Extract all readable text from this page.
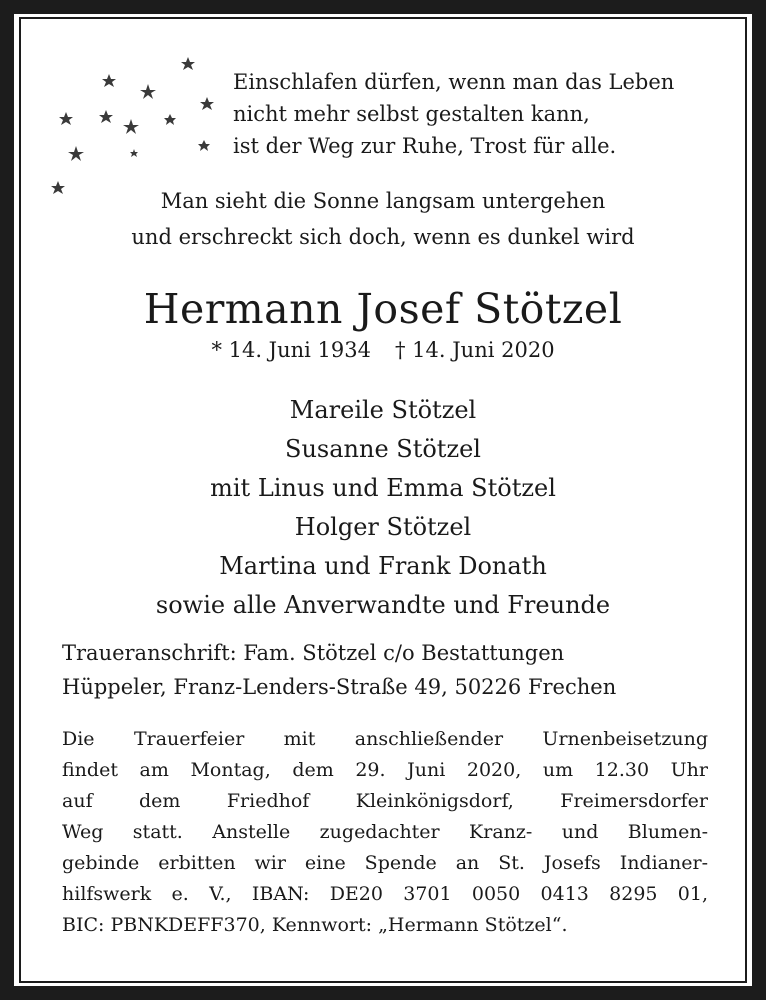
Einschlafen dürfen, wenn man das Leben
nicht mehr selbst gestalten kann,
ist der Weg zur Ruhe, Trost für alle.
Man sieht die Sonne langsam untergehen
und erschreckt sich doch, wenn es dunkel wird
Hermann Josef Stötzel
* 14. Juni 1934 † 14. Juni 2020
Mareile Stötzel
Susanne Stötzel
mit Linus und Emma Stötzel
Holger Stötzel
Martina und Frank Donath
sowie alle Anverwandte und Freunde
Traueranschrift: Fam. Stötzel c/o Bestattungen
Hüppeler, Franz-Lenders-Straße 49, 50226 Frechen
Die Trauerfeier mit anschließender Urnenbeisetzung
findet am Montag, dem 29. Juni 2020, um 12.30 Uhr
auf dem Friedhof Kleinkönigsdorf, Freimersdorfer
Weg statt. Anstelle zugedachter Kranz- und Blumen-
gebinde erbitten wir eine Spende an St. Josefs Indianer-
hilfswerk e. V., IBAN: DE20 3701 0050 0413 8295 01,
BIC: PBNKDEFF370, Kennwort: „Hermann Stötzel“.
